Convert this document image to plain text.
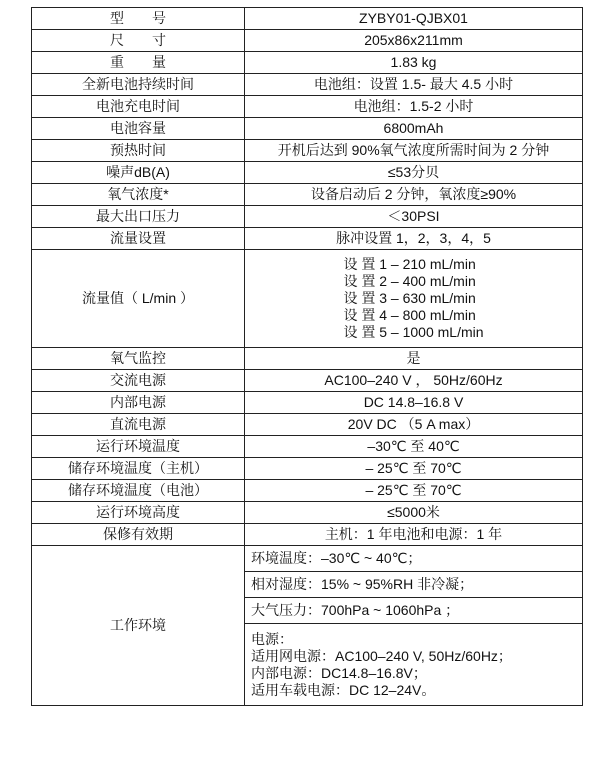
型　　号	ZYBY01-QJBX01
尺　　寸	205x86x211mm
重　　量	1.83 kg
全新电池持续时间	电池组：设置 1.5- 最大 4.5 小时
电池充电时间	电池组：1.5-2 小时
电池容量	6800mAh
预热时间	开机后达到 90%氧气浓度所需时间为 2 分钟
噪声dB(A)	≤53分贝
氧气浓度*	设备启动后 2 分钟，氧浓度≥90%
最大出口压力	＜30PSI
流量设置	脉冲设置 1，2，3，4，5
流量值（ L/min ）	设 置 1 – 210 mL/min
设 置 2 – 400 mL/min
设 置 3 – 630 mL/min
设 置 4 – 800 mL/min
设 置 5 – 1000 mL/min

氧气监控	是
交流电源	AC100–240 V ， 50Hz/60Hz
内部电源	DC 14.8–16.8 V
直流电源	20V DC （5 A max）
运行环境温度	–30℃ 至 40℃
储存环境温度（主机）	– 25℃ 至 70℃
储存环境温度（电池）	– 25℃ 至 70℃
运行环境高度	≤5000米
保修有效期	主机：1 年电池和电源：1 年
工作环境	环境温度：–30℃ ~ 40℃；
	相对湿度：15% ~ 95%RH 非冷凝；
	大气压力：700hPa ~ 1060hPa ；

	电源：
适用网电源：AC100–240 V, 50Hz/60Hz；
内部电源：DC14.8–16.8V；
适用车载电源：DC 12–24V。
